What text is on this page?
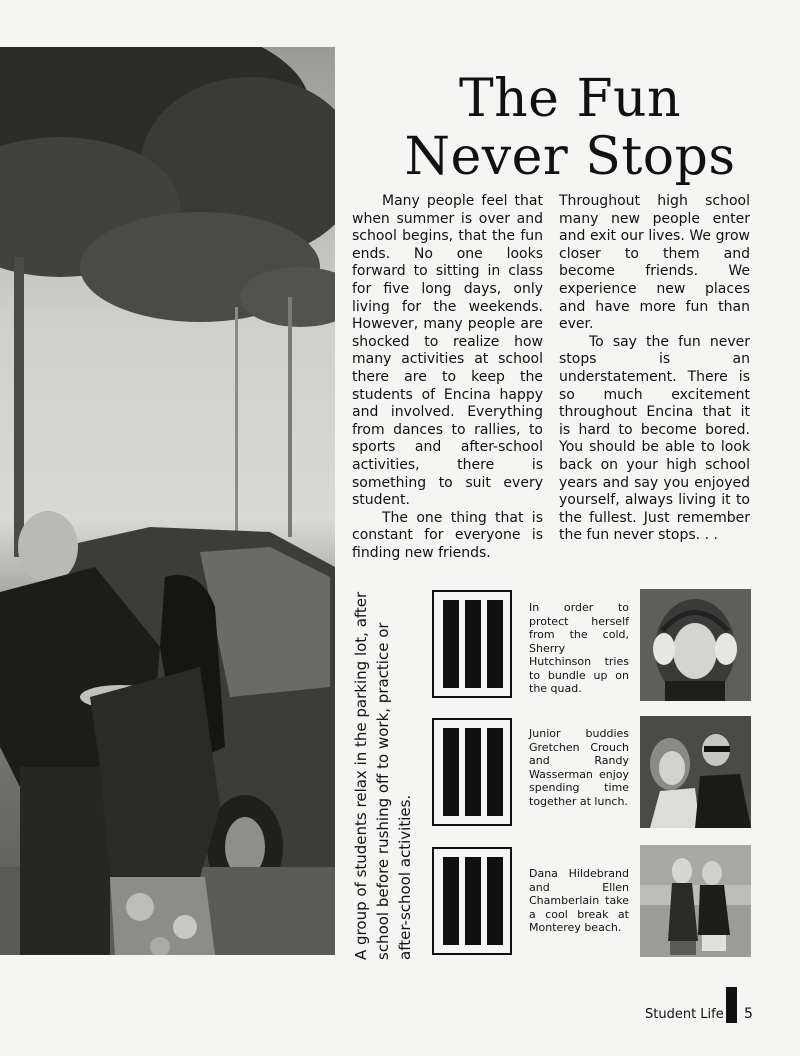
The Fun
Never Stops

Many people feel that when summer is over and school begins, that the fun ends. No one looks forward to sitting in class for five long days, only living for the weekends. However, many people are shocked to realize how many activities at school there are to keep the students of Encina happy and involved. Everything from dances to rallies, to sports and after-school activities, there is something to suit every student.

The one thing that is constant for everyone is finding new friends.

Throughout high school many new people enter and exit our lives. We grow closer to them and become friends. We experience new places and have more fun than ever.

To say the fun never stops is an understatement. There is so much excitement throughout Encina that it is hard to become bored. You should be able to look back on your high school years and say you enjoyed yourself, always living it to the fullest. Just remember the fun never stops. . .

A group of students relax in the parking lot, after school before rushing off to work, practice or after-school activities.
In order to protect herself from the cold, Sherry Hutchinson tries to bundle up on the quad.
Junior buddies Gretchen Crouch and Randy Wasserman enjoy spending time together at lunch.
Dana Hildebrand and Ellen Chamberlain take a cool break at Monterey beach.
Student Life 5
